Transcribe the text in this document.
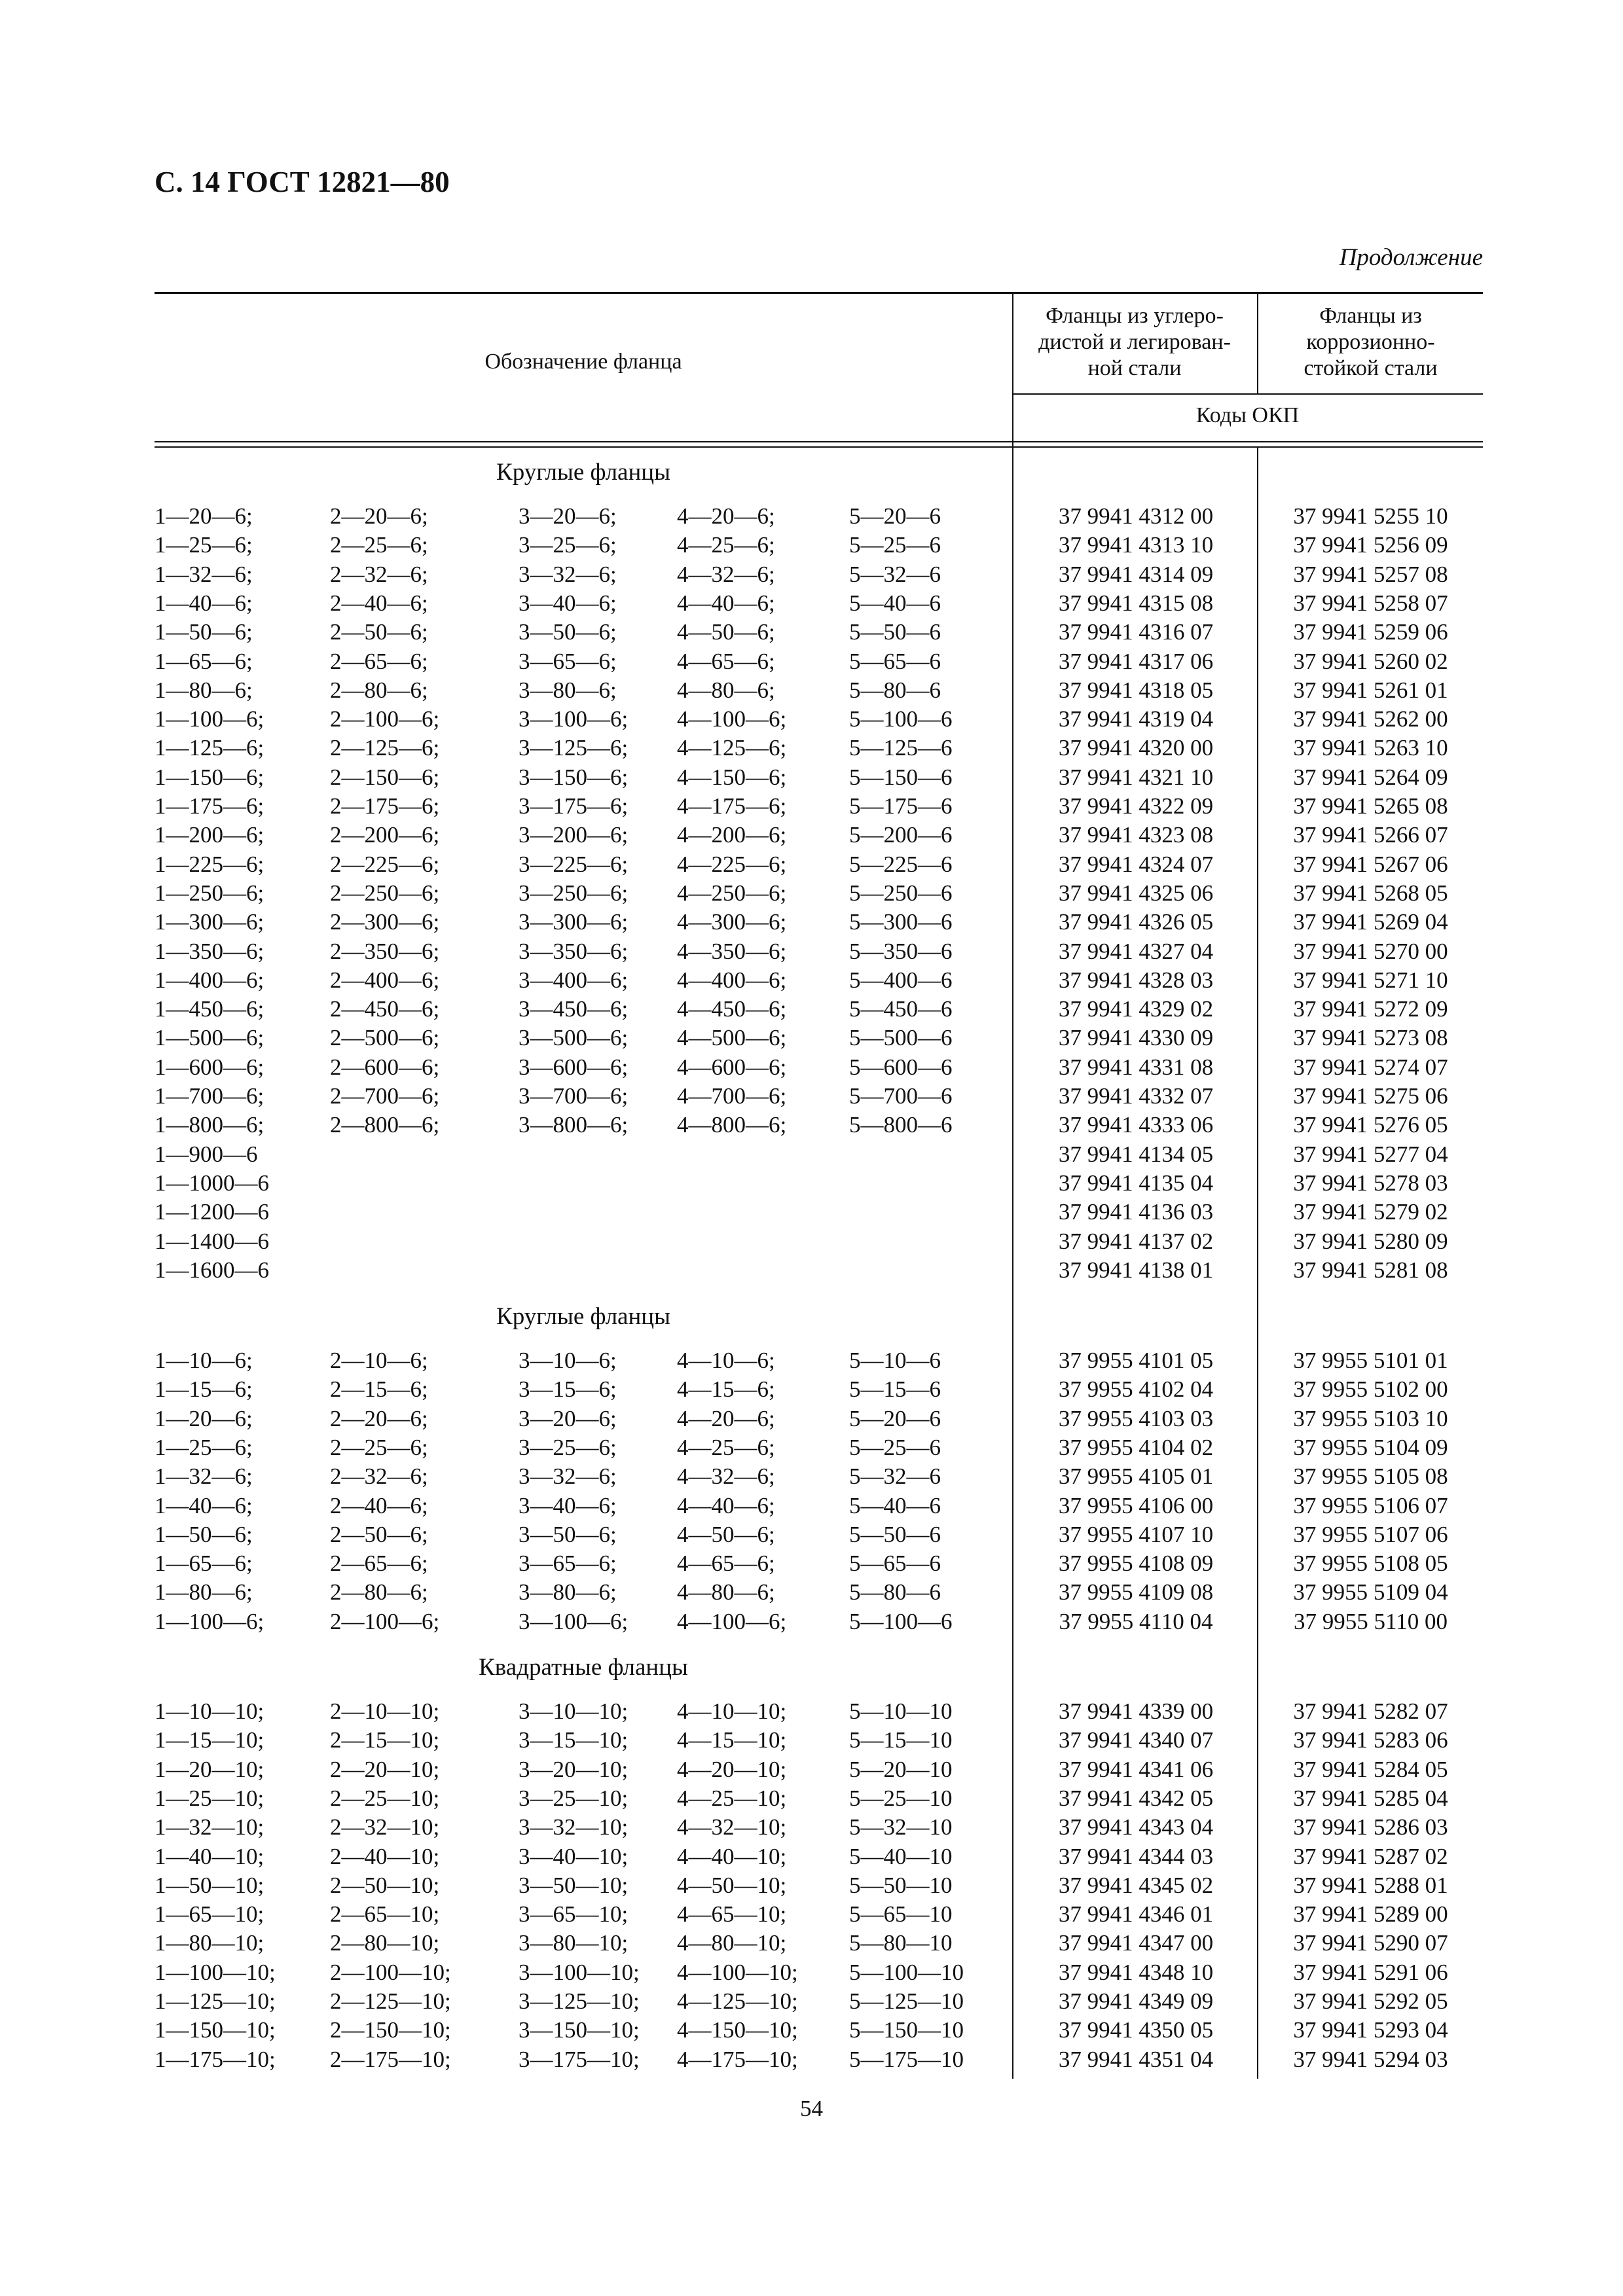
С. 14 ГОСТ 12821—80
Продолжение
Обозначение фланца
Фланцы из углеро-
дистой и легирован-
ной стали
Фланцы из
коррозионно-
стойкой стали
Коды ОКП
Круглые фланцы
1—20—6;	2—20—6;	3—20—6;	4—20—6;	5—20—6	37 9941 4312 00	37 9941 5255 10
1—25—6;	2—25—6;	3—25—6;	4—25—6;	5—25—6	37 9941 4313 10	37 9941 5256 09
1—32—6;	2—32—6;	3—32—6;	4—32—6;	5—32—6	37 9941 4314 09	37 9941 5257 08
1—40—6;	2—40—6;	3—40—6;	4—40—6;	5—40—6	37 9941 4315 08	37 9941 5258 07
1—50—6;	2—50—6;	3—50—6;	4—50—6;	5—50—6	37 9941 4316 07	37 9941 5259 06
1—65—6;	2—65—6;	3—65—6;	4—65—6;	5—65—6	37 9941 4317 06	37 9941 5260 02
1—80—6;	2—80—6;	3—80—6;	4—80—6;	5—80—6	37 9941 4318 05	37 9941 5261 01
1—100—6;	2—100—6;	3—100—6; 4—100—6;	5—100—6	37 9941 4319 04	37 9941 5262 00
1—125—6;	2—125—6;	3—125—6; 4—125—6;	5—125—6	37 9941 4320 00	37 9941 5263 10
1—150—6;	2—150—6;	3—150—6; 4—150—6;	5—150—6	37 9941 4321 10	37 9941 5264 09
1—175—6;	2—175—6;	3—175—6; 4—175—6;	5—175—6	37 9941 4322 09	37 9941 5265 08
1—200—6;	2—200—6;	3—200—6; 4—200—6;	5—200—6	37 9941 4323 08	37 9941 5266 07
1—225—6;	2—225—6;	3—225—6; 4—225—6;	5—225—6	37 9941 4324 07	37 9941 5267 06
1—250—6;	2—250—6;	3—250—6; 4—250—6;	5—250—6	37 9941 4325 06	37 9941 5268 05
1—300—6;	2—300—6;	3—300—6; 4—300—6;	5—300—6	37 9941 4326 05	37 9941 5269 04
1—350—6;	2—350—6;	3—350—6; 4—350—6;	5—350—6	37 9941 4327 04	37 9941 5270 00
1—400—6;	2—400—6;	3—400—6; 4—400—6;	5—400—6	37 9941 4328 03	37 9941 5271 10
1—450—6;	2—450—6;	3—450—6; 4—450—6;	5—450—6	37 9941 4329 02	37 9941 5272 09
1—500—6;	2—500—6;	3—500—6; 4—500—6;	5—500—6	37 9941 4330 09	37 9941 5273 08
1—600—6;	2—600—6;	3—600—6; 4—600—6;	5—600—6	37 9941 4331 08	37 9941 5274 07
1—700—6;	2—700—6;	3—700—6; 4—700—6;	5—700—6	37 9941 4332 07	37 9941 5275 06
1—800—6;	2—800—6;	3—800—6; 4—800—6;	5—800—6	37 9941 4333 06	37 9941 5276 05
1—900—6	37 9941 4134 05	37 9941 5277 04
1—1000—6	37 9941 4135 04	37 9941 5278 03
1—1200—6	37 9941 4136 03	37 9941 5279 02
1—1400—6	37 9941 4137 02	37 9941 5280 09
1—1600—6	37 9941 4138 01	37 9941 5281 08
Круглые фланцы
1—10—6;	2—10—6;	3—10—6;	4—10—6;	5—10—6	37 9955 4101 05	37 9955 5101 01
1—15—6;	2—15—6;	3—15—6;	4—15—6;	5—15—6	37 9955 4102 04	37 9955 5102 00
1—20—6;	2—20—6;	3—20—6;	4—20—6;	5—20—6	37 9955 4103 03	37 9955 5103 10
1—25—6;	2—25—6;	3—25—6;	4—25—6;	5—25—6	37 9955 4104 02	37 9955 5104 09
1—32—6;	2—32—6;	3—32—6;	4—32—6;	5—32—6	37 9955 4105 01	37 9955 5105 08
1—40—6;	2—40—6;	3—40—6;	4—40—6;	5—40—6	37 9955 4106 00	37 9955 5106 07
1—50—6;	2—50—6;	3—50—6;	4—50—6;	5—50—6	37 9955 4107 10	37 9955 5107 06
1—65—6;	2—65—6;	3—65—6;	4—65—6;	5—65—6	37 9955 4108 09	37 9955 5108 05
1—80—6;	2—80—6;	3—80—6;	4—80—6;	5—80—6	37 9955 4109 08	37 9955 5109 04
1—100—6;	2—100—6;	3—100—6; 4—100—6;	5—100—6	37 9955 4110 04	37 9955 5110 00
Квадратные фланцы
1—10—10;	2—10—10;	3—10—10; 4—10—10;	5—10—10	37 9941 4339 00	37 9941 5282 07
1—15—10;	2—15—10;	3—15—10; 4—15—10;	5—15—10	37 9941 4340 07	37 9941 5283 06
1—20—10;	2—20—10;	3—20—10; 4—20—10;	5—20—10	37 9941 4341 06	37 9941 5284 05
1—25—10;	2—25—10;	3—25—10; 4—25—10;	5—25—10	37 9941 4342 05	37 9941 5285 04
1—32—10;	2—32—10;	3—32—10; 4—32—10;	5—32—10	37 9941 4343 04	37 9941 5286 03
1—40—10;	2—40—10;	3—40—10; 4—40—10;	5—40—10	37 9941 4344 03	37 9941 5287 02
1—50—10;	2—50—10;	3—50—10; 4—50—10;	5—50—10	37 9941 4345 02	37 9941 5288 01
1—65—10;	2—65—10;	3—65—10; 4—65—10;	5—65—10	37 9941 4346 01	37 9941 5289 00
1—80—10;	2—80—10;	3—80—10; 4—80—10;	5—80—10	37 9941 4347 00	37 9941 5290 07
1—100—10; 2—100—10;	3—100—10; 4—100—10; 5—100—10	37 9941 4348 10	37 9941 5291 06
1—125—10; 2—125—10;	3—125—10; 4—125—10; 5—125—10	37 9941 4349 09	37 9941 5292 05
1—150—10; 2—150—10;	3—150—10; 4—150—10; 5—150—10	37 9941 4350 05	37 9941 5293 04
1—175—10; 2—175—10;	3—175—10; 4—175—10; 5—175—10	37 9941 4351 04	37 9941 5294 03
54
